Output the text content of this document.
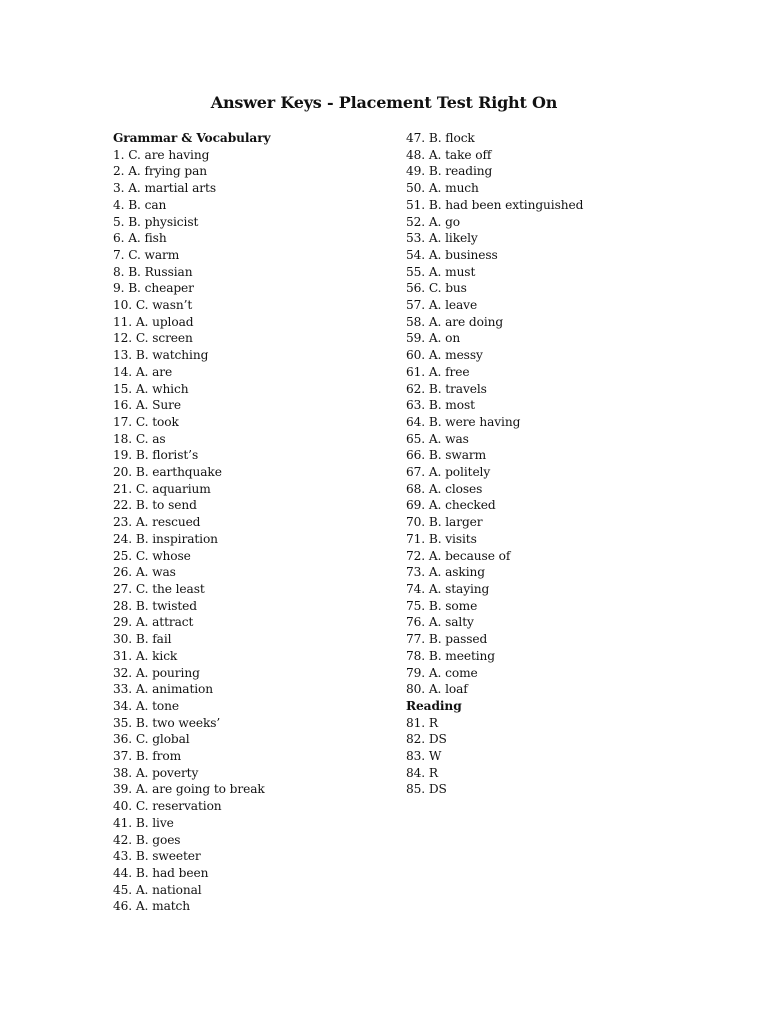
Answer Keys - Placement Test Right On
Grammar & Vocabulary
1. C. are having
2. A. frying pan
3. A. martial arts
4. B. can
5. B. physicist
6. A. fish
7. C. warm
8. B. Russian
9. B. cheaper
10. C. wasn’t
11. A. upload
12. C. screen
13. B. watching
14. A. are
15. A. which
16. A. Sure
17. C. took
18. C. as
19. B. florist’s
20. B. earthquake
21. C. aquarium
22. B. to send
23. A. rescued
24. B. inspiration
25. C. whose
26. A. was
27. C. the least
28. B. twisted
29. A. attract
30. B. fail
31. A. kick
32. A. pouring
33. A. animation
34. A. tone
35. B. two weeks’
36. C. global
37. B. from
38. A. poverty
39. A. are going to break
40. C. reservation
41. B. live
42. B. goes
43. B. sweeter
44. B. had been
45. A. national
46. A. match
47. B. flock
48. A. take off
49. B. reading
50. A. much
51. B. had been extinguished
52. A. go
53. A. likely
54. A. business
55. A. must
56. C. bus
57. A. leave
58. A. are doing
59. A. on
60. A. messy
61. A. free
62. B. travels
63. B. most
64. B. were having
65. A. was
66. B. swarm
67. A. politely
68. A. closes
69. A. checked
70. B. larger
71. B. visits
72. A. because of
73. A. asking
74. A. staying
75. B. some
76. A. salty
77. B. passed
78. B. meeting
79. A. come
80. A. loaf
Reading
81. R
82. DS
83. W
84. R
85. DS
